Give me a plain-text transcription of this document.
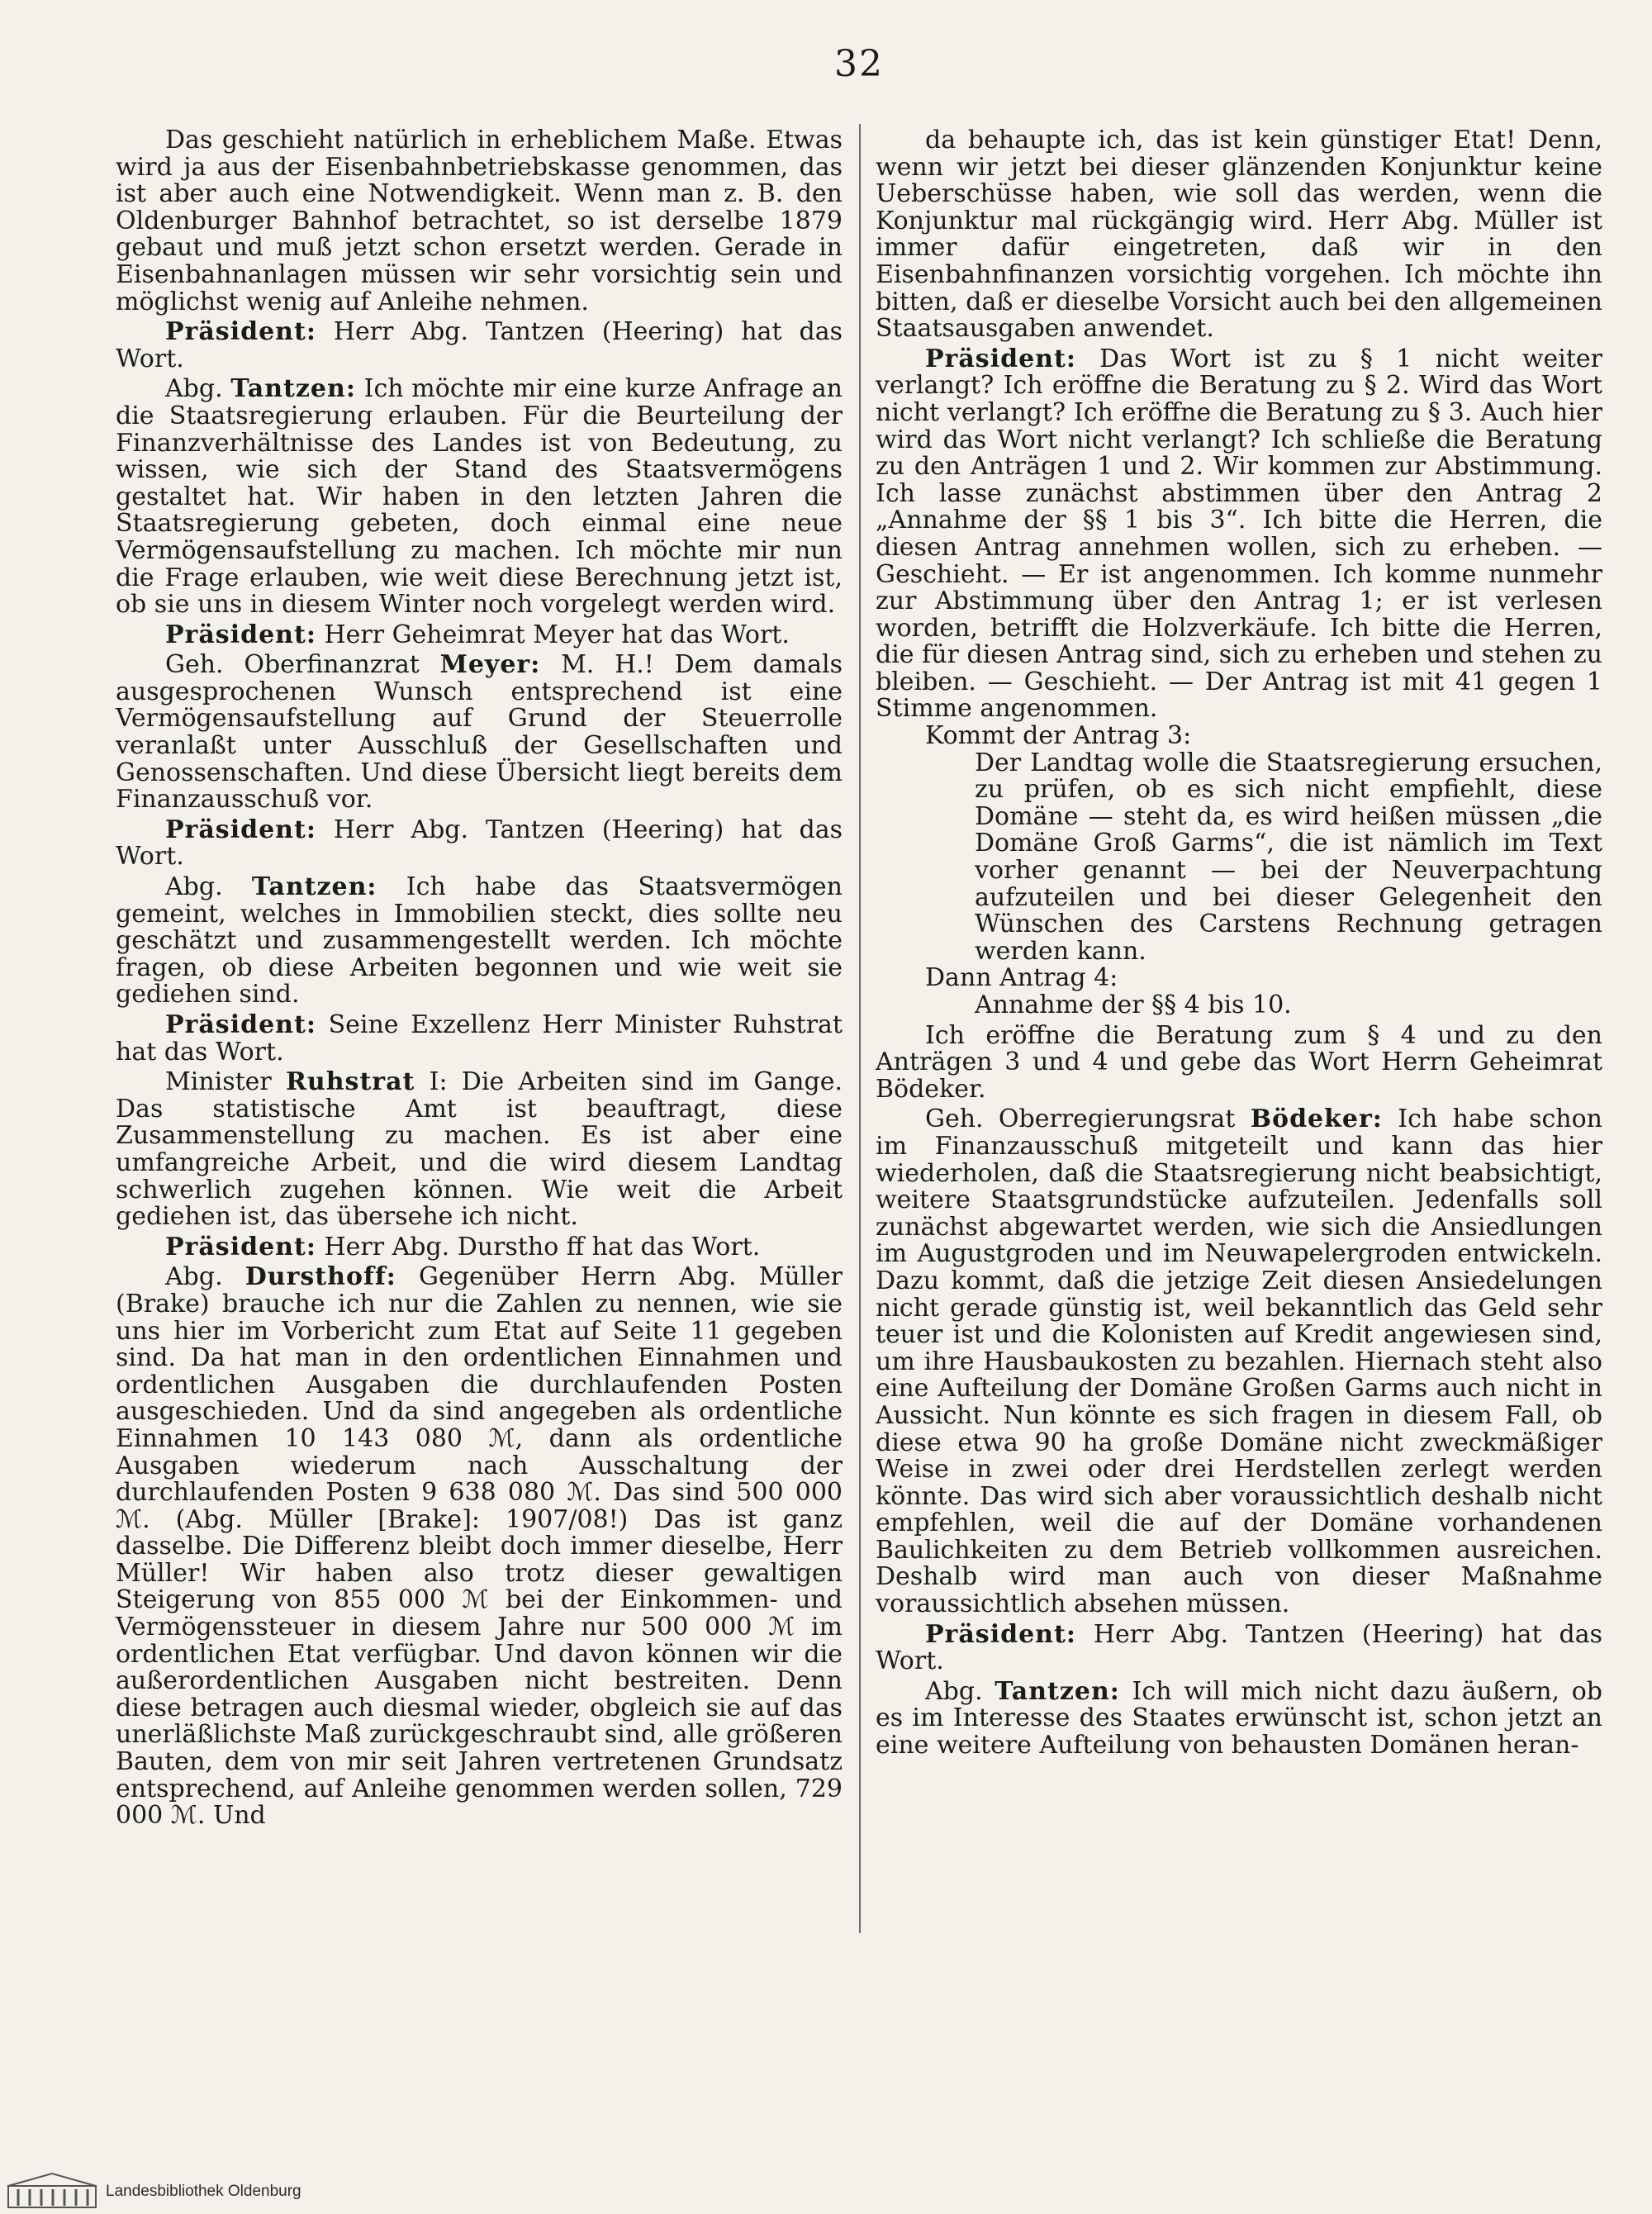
32

Das geschieht natürlich in erheblichem Maße. Etwas wird ja aus der Eisenbahnbetriebskasse genommen, das ist aber auch eine Notwendigkeit. Wenn man z. B. den Oldenburger Bahnhof betrachtet, so ist derselbe 1879 gebaut und muß jetzt schon ersetzt werden. Gerade in Eisenbahnanlagen müssen wir sehr vorsichtig sein und möglichst wenig auf Anleihe nehmen.

Präsident: Herr Abg. Tantzen (Heering) hat das Wort.

Abg. Tantzen: Ich möchte mir eine kurze Anfrage an die Staatsregierung erlauben. Für die Beurteilung der Finanzverhältnisse des Landes ist von Bedeutung, zu wissen, wie sich der Stand des Staatsvermögens gestaltet hat. Wir haben in den letzten Jahren die Staatsregierung gebeten, doch einmal eine neue Vermögensaufstellung zu machen. Ich möchte mir nun die Frage erlauben, wie weit diese Berechnung jetzt ist, ob sie uns in diesem Winter noch vorgelegt werden wird.

Präsident: Herr Geheimrat Meyer hat das Wort.

Geh. Oberfinanzrat Meyer: M. H.! Dem damals ausgesprochenen Wunsch entsprechend ist eine Vermögensaufstellung auf Grund der Steuerrolle veranlaßt unter Ausschluß der Gesellschaften und Genossenschaften. Und diese Übersicht liegt bereits dem Finanzausschuß vor.

Präsident: Herr Abg. Tantzen (Heering) hat das Wort.

Abg. Tantzen: Ich habe das Staatsvermögen gemeint, welches in Immobilien steckt, dies sollte neu geschätzt und zusammengestellt werden. Ich möchte fragen, ob diese Arbeiten begonnen und wie weit sie gediehen sind.

Präsident: Seine Exzellenz Herr Minister Ruhstrat hat das Wort.

Minister Ruhstrat I: Die Arbeiten sind im Gange. Das statistische Amt ist beauftragt, diese Zusammenstellung zu machen. Es ist aber eine umfangreiche Arbeit, und die wird diesem Landtag schwerlich zugehen können. Wie weit die Arbeit gediehen ist, das übersehe ich nicht.

Präsident: Herr Abg. Durstho ff hat das Wort.

Abg. Dursthoff: Gegenüber Herrn Abg. Müller (Brake) brauche ich nur die Zahlen zu nennen, wie sie uns hier im Vorbericht zum Etat auf Seite 11 gegeben sind. Da hat man in den ordentlichen Einnahmen und ordentlichen Ausgaben die durchlaufenden Posten ausgeschieden. Und da sind angegeben als ordentliche Einnahmen 10 143 080 ℳ, dann als ordentliche Ausgaben wiederum nach Ausschaltung der durchlaufenden Posten 9 638 080 ℳ. Das sind 500 000 ℳ. (Abg. Müller [Brake]: 1907/08!) Das ist ganz dasselbe. Die Differenz bleibt doch immer dieselbe, Herr Müller! Wir haben also trotz dieser gewaltigen Steigerung von 855 000 ℳ bei der Einkommen- und Vermögenssteuer in diesem Jahre nur 500 000 ℳ im ordentlichen Etat verfügbar. Und davon können wir die außerordentlichen Ausgaben nicht bestreiten. Denn diese betragen auch diesmal wieder, obgleich sie auf das unerläßlichste Maß zurückgeschraubt sind, alle größeren Bauten, dem von mir seit Jahren vertretenen Grundsatz entsprechend, auf Anleihe genommen werden sollen, 729 000 ℳ. Und

da behaupte ich, das ist kein günstiger Etat! Denn, wenn wir jetzt bei dieser glänzenden Konjunktur keine Ueberschüsse haben, wie soll das werden, wenn die Konjunktur mal rückgängig wird. Herr Abg. Müller ist immer dafür eingetreten, daß wir in den Eisenbahnfinanzen vorsichtig vorgehen. Ich möchte ihn bitten, daß er dieselbe Vorsicht auch bei den allgemeinen Staatsausgaben anwendet.

Präsident: Das Wort ist zu § 1 nicht weiter verlangt? Ich eröffne die Beratung zu § 2. Wird das Wort nicht verlangt? Ich eröffne die Beratung zu § 3. Auch hier wird das Wort nicht verlangt? Ich schließe die Beratung zu den Anträgen 1 und 2. Wir kommen zur Abstimmung. Ich lasse zunächst abstimmen über den Antrag 2 „Annahme der §§ 1 bis 3“. Ich bitte die Herren, die diesen Antrag annehmen wollen, sich zu erheben. — Geschieht. — Er ist angenommen. Ich komme nunmehr zur Abstimmung über den Antrag 1; er ist verlesen worden, betrifft die Holzverkäufe. Ich bitte die Herren, die für diesen Antrag sind, sich zu erheben und stehen zu bleiben. — Geschieht. — Der Antrag ist mit 41 gegen 1 Stimme angenommen.

Kommt der Antrag 3:

Der Landtag wolle die Staatsregierung ersuchen, zu prüfen, ob es sich nicht empfiehlt, diese Domäne — steht da, es wird heißen müssen „die Domäne Groß Garms“, die ist nämlich im Text vorher genannt — bei der Neuverpachtung aufzuteilen und bei dieser Gelegenheit den Wünschen des Carstens Rechnung getragen werden kann.

Dann Antrag 4:

Annahme der §§ 4 bis 10.

Ich eröffne die Beratung zum § 4 und zu den Anträgen 3 und 4 und gebe das Wort Herrn Geheimrat Bödeker.

Geh. Oberregierungsrat Bödeker: Ich habe schon im Finanzausschuß mitgeteilt und kann das hier wiederholen, daß die Staatsregierung nicht beabsichtigt, weitere Staatsgrundstücke aufzuteilen. Jedenfalls soll zunächst abgewartet werden, wie sich die Ansiedlungen im Augustgroden und im Neuwapelergroden entwickeln. Dazu kommt, daß die jetzige Zeit diesen Ansiedelungen nicht gerade günstig ist, weil bekanntlich das Geld sehr teuer ist und die Kolonisten auf Kredit angewiesen sind, um ihre Hausbaukosten zu bezahlen. Hiernach steht also eine Aufteilung der Domäne Großen Garms auch nicht in Aussicht. Nun könnte es sich fragen in diesem Fall, ob diese etwa 90 ha große Domäne nicht zweckmäßiger Weise in zwei oder drei Herdstellen zerlegt werden könnte. Das wird sich aber voraussichtlich deshalb nicht empfehlen, weil die auf der Domäne vorhandenen Baulichkeiten zu dem Betrieb vollkommen ausreichen. Deshalb wird man auch von dieser Maßnahme voraussichtlich absehen müssen.

Präsident: Herr Abg. Tantzen (Heering) hat das Wort.

Abg. Tantzen: Ich will mich nicht dazu äußern, ob es im Interesse des Staates erwünscht ist, schon jetzt an eine weitere Aufteilung von behausten Domänen heran-

Landesbibliothek Oldenburg
